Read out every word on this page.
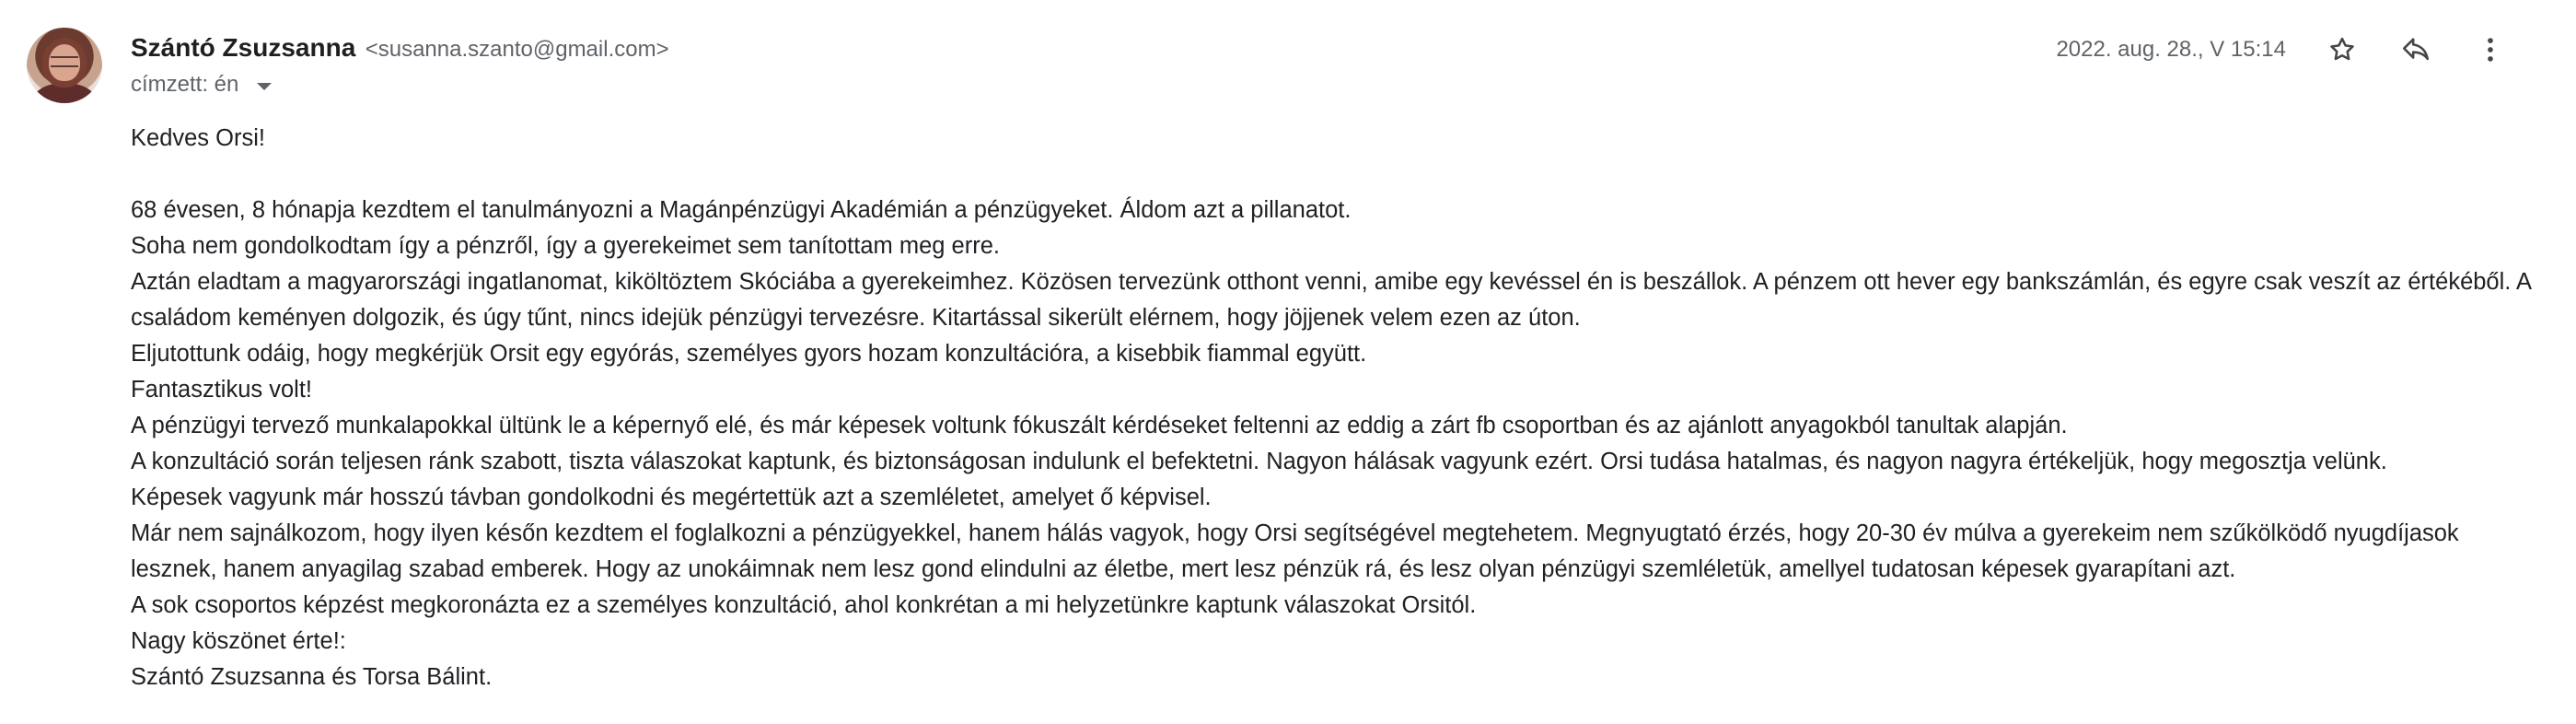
Szántó Zsuzsanna <susanna.szanto@gmail.com>
címzett: én
2022. aug. 28., V 15:14

Kedves Orsi!

68 évesen, 8 hónapja kezdtem el tanulmányozni a Magánpénzügyi Akadémián a pénzügyeket. Áldom azt a pillanatot.

Soha nem gondolkodtam így a pénzről, így a gyerekeimet sem tanítottam meg erre.

Aztán eladtam a magyarországi ingatlanomat, kiköltöztem Skóciába a gyerekeimhez. Közösen tervezünk otthont venni, amibe egy kevéssel én is beszállok. A pénzem ott hever egy bankszámlán, és egyre csak veszít az értékéből. A családom keményen dolgozik, és úgy tűnt, nincs idejük pénzügyi tervezésre. Kitartással sikerült elérnem, hogy jöjjenek velem ezen az úton.

Eljutottunk odáig, hogy megkérjük Orsit egy egyórás, személyes gyors hozam konzultációra, a kisebbik fiammal együtt.

Fantasztikus volt!

A pénzügyi tervező munkalapokkal ültünk le a képernyő elé, és már képesek voltunk fókuszált kérdéseket feltenni az eddig a zárt fb csoportban és az ajánlott anyagokból tanultak alapján.

A konzultáció során teljesen ránk szabott, tiszta válaszokat kaptunk, és biztonságosan indulunk el befektetni. Nagyon hálásak vagyunk ezért. Orsi tudása hatalmas, és nagyon nagyra értékeljük, hogy megosztja velünk.

Képesek vagyunk már hosszú távban gondolkodni és megértettük azt a szemléletet, amelyet ő képvisel.

Már nem sajnálkozom, hogy ilyen későn kezdtem el foglalkozni a pénzügyekkel, hanem hálás vagyok, hogy Orsi segítségével megtehetem. Megnyugtató érzés, hogy 20-30 év múlva a gyerekeim nem szűkölködő nyugdíjasok lesznek, hanem anyagilag szabad emberek. Hogy az unokáimnak nem lesz gond elindulni az életbe, mert lesz pénzük rá, és lesz olyan pénzügyi szemléletük, amellyel tudatosan képesek gyarapítani azt.

A sok csoportos képzést megkoronázta ez a személyes konzultáció, ahol konkrétan a mi helyzetünkre kaptunk válaszokat Orsitól.

Nagy köszönet érte!:

Szántó Zsuzsanna és Torsa Bálint.
